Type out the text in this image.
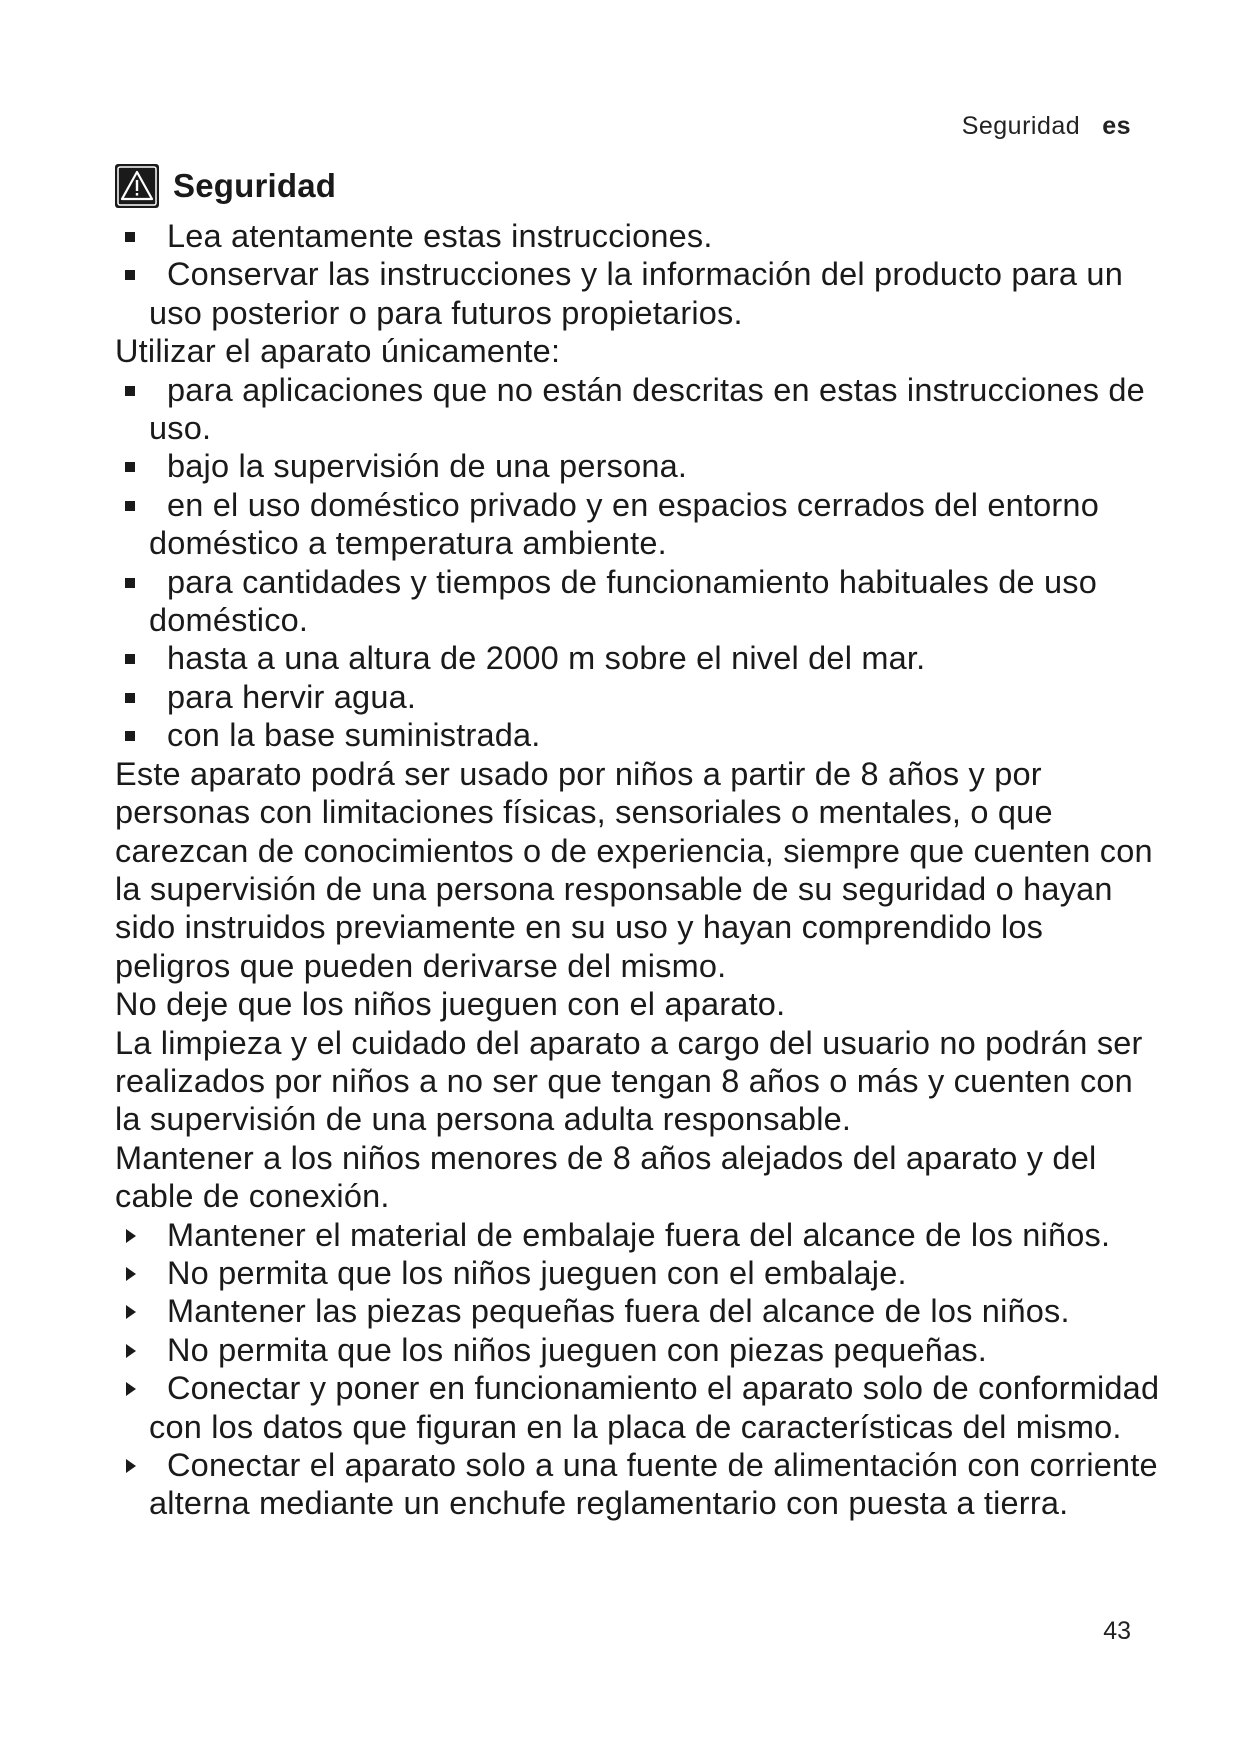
Seguridad es
Seguridad
Lea atentamente estas instrucciones.
Conservar las instrucciones y la información del producto para un uso posterior o para futuros propietarios.
Utilizar el aparato únicamente:
para aplicaciones que no están descritas en estas instrucciones de uso.
bajo la supervisión de una persona.
en el uso doméstico privado y en espacios cerrados del entorno doméstico a temperatura ambiente.
para cantidades y tiempos de funcionamiento habituales de uso doméstico.
hasta a una altura de 2000 m sobre el nivel del mar.
para hervir agua.
con la base suministrada.
Este aparato podrá ser usado por niños a partir de 8 años y por personas con limitaciones físicas, sensoriales o mentales, o que carezcan de conocimientos o de experiencia, siempre que cuenten con la supervisión de una persona responsable de su seguridad o hayan sido instruidos previamente en su uso y hayan comprendido los peligros que pueden derivarse del mismo.
No deje que los niños jueguen con el aparato.
La limpieza y el cuidado del aparato a cargo del usuario no podrán ser realizados por niños a no ser que tengan 8 años o más y cuenten con la supervisión de una persona adulta responsable.
Mantener a los niños menores de 8 años alejados del aparato y del cable de conexión.
Mantener el material de embalaje fuera del alcance de los niños.
No permita que los niños jueguen con el embalaje.
Mantener las piezas pequeñas fuera del alcance de los niños.
No permita que los niños jueguen con piezas pequeñas.
Conectar y poner en funcionamiento el aparato solo de conformidad con los datos que figuran en la placa de características del mismo.
Conectar el aparato solo a una fuente de alimentación con corriente alterna mediante un enchufe reglamentario con puesta a tierra.
43
